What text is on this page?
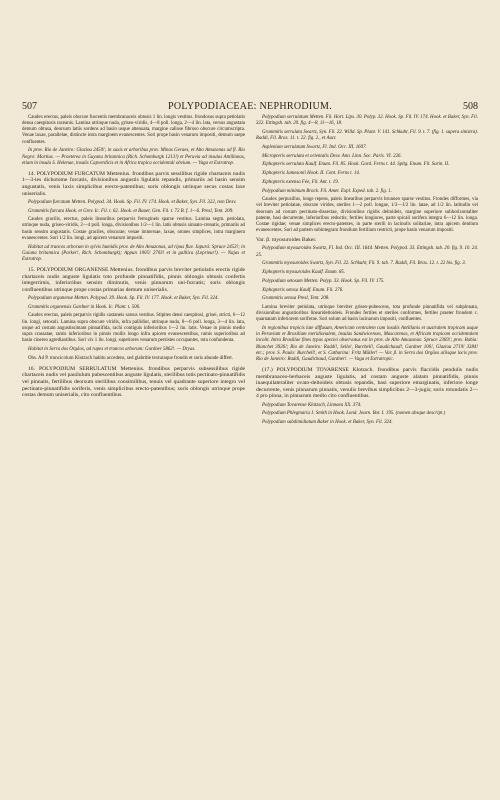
507	POLYPODIACEAE: NEPHRODIUM.	508

Caudex erectus, paleis obscure fuscentis membranaceis obtusis 1 lin. longis vestitus. frondosus supra petiolatis densa caespitosis raceanis. Lamina utrinque nuda, griseo-viridis, 4—8 poll. longa, 2—4 lin. lata, versus angustata demum obtusa, deorsum latiis sordens ad basin usque attenuata, margine callose fibroso obscure circumscripta. Venae laxae, parallelae, distincte intra marginem evanescentes. Sori prope basin venarum impositi, demum saepe confluentes.

In prov. Rio de Janeiro: Glaziou 2450!; in saxis et arboribus prov. Minas Geraes, et Alto Amazonas ad fl. Rio Negro: Martius. — Praeterea in Guyana britannica (Rich. Schomburgk 1213!) et Peruvia ad insulas Antillanas, etiam in insula S. Helenae, insulis Capverdicis et in Africa tropica occidentali obvium. — Vaga et Extratrop.

14. POLYPODIUM FURCATUM Mettenius. frondibus parvis sessilibus rigide chartaceis nudis 1—3-ies dichotome furcatis, divisionibus angustis ligulatis repandis, primariis ad basin sensim angustatis, venis laxis simplicibus erecto-patentibus; soris oblongis utrinque secus costas laxe uniserialis.

Polypodium furcatum Metten. Polypod. 34. Hook. Sp. Fil. IV. 174. Hook. et Baker, Syn. Fil. 322, non Desv.

Grammitis furcata Hook. et Grev. Ic. Fil. t. 62. Hook. et Bauer, Gen. Fil. t. 72 B. f. 1—6. Presl, Tent. 209.

Caudex gracilis, erectus, paleis linearibus perparvis ferrugineis sparse vestitus. Lamina segm. petiolata, utrinque nuda, griseo-viridis, 2—4 poll. longa, divisionibus 1/2—1 lin. latis obtusis sinuato-crenatis, primariis ad basin sensim angustatis. Costae graciles, obscurae; venae immersae, laxae, omnes simplices, intra marginem evanescentes. Sori 1/2 lin. longi, ad apicem venarum impositi.

Habitat ad truncos arborum in sylvis humidis prov. de Alto Amazonas, ad ripas fluv. Japurá: Spruce 2453!; in Guiana britannica (Parker!, Rich. Schomburgk); Appun 1005! 2703! et in galliica (Leprieur!). — Najas et Extratrop.

15. POLYPODIUM ORGANENSE Mettenius. frondibus parvis breviter petiolatis erectis rigide chartaceis nudis anguste ligulatis toto profunde pinnatifidis, pinnis oblongis obtusis confertis integerrimis, inferioribus sensim diminutis, venis pinnarum uni-furcatis; soris oblongis confluentibus utrinque prope costas primarias demum uniserialis.

Polypodium organense Metten. Polypod. 39. Hook. Sp. Fil. IV. 177. Hook. et Baker, Syn. Fil. 324.

Grammitis organensis Gardner in Hook. Ic. Plant. t. 506.

Caudex erectus, paleis perparvis rigidis castaneis sarsus vestitus. Stipites densi caespitosi, grisei, stricti, 6—12 lin. longi, setosuli. Lamina supra obscure viridis, infra pallidior, utrinque nuda, 8—6 poll. longa, 3—4 lin. lata, usque ad costam angustissimam pinnatifida, rachi contiguis inferioribus 1—2 lin. latis. Venae in pinnis medio supra crassatae, ramis inferioribus in pinnis mollis longo infra apicem evanescentibus, ramis superioribus ad basin cinereo agrediantibus. Sori vix 1 lin. longi, superiores venarum persistes occupantes, tota confundenta.

Habitat in Serra dos Orgãos, ad rupes et truncos arborum: Gardner 5862!. — Dryas.

Obs. Ad P. truncicolum Klotzsch habitu accedens, sed glabritie texturaque frondis et soris abunde differt.

16. POLYPODIUM SERRULATUM Mettenius. frondibus perparvis subsessilibus rigide chartaceis nudis vel pauilulum pubescentibus anguste ligulatis, sterilibus totis pectinato-pinnatifidis vel pinnatis, fertilibus deorsum sterilibus consimilibus, tenuis vel quadrante superiore integro vel pectinato-pinnatifidis soriferis, venis simplicibus erecto-patentibus; soris oblongis utrinque prope costas demum uniserialis, cito confluentibus.

Polypodium serrulatum Metten. Fil. Hort. Lips. 30. Polyp. 32. Hook. Sp. Fil. IV. 174. Hook. et Baker, Syn. Fil. 322. Ettingsh. tab. 20. fig. 4—8, 11—16, 18.

Grammitis serrulata Swartz, Syn. Fil. 22. Willd. Sp. Plant. V. 141. Schkuhr, Fil. 9. t. 7. (fig. 1. supera sinistra). Raddi, Fil. Bras. 11. t. 22. fig. 2., et Auct.

Asplenium serrulatum Swartz, Fl. Ind. Occ. III. 1607.

Micropteris serrulata et orientalis Desv. Ann. Linn. Soc. Paris. VI. 226.

Xiphopteris serrulata Kaulf. Enum. Fil. 85. Hook. Gard. Ferns t. 44. Spltg. Enum. Fil. Surin. II.

Xiphopteris Jamesonii Hook. II. Cent. Ferns t. 14.

Xiphopteris extensa Fée, Fil. Ant. t. 19.

Polypodium minimum Brack. Fil. Amer. Expl. Exped. tab. 2. fig. 1.

Caudex perpusillus, longe repens, paleis linearibus perparvis brunneo sparse vestitus. Frondes difformes, via vel breviter petiolatae, obscure virides, steriles 1—2 poll. longae, 1/3—1/2 lin. latae, ad 1/2 lin. latitudin vel deorsum ad costam pectinato-dissectae, divisionibus rigidis deltoideis, margine superiore subhorizontaliter patente, basi decurrente, inferioribus reductis; fertiles longiores, parte spicali sorifera integra 6—12 lin. longa. Costae rigidae; venae simplices erecto-patentes, in parte sterili in lacinulis solitariae, intra apicem dentium evanescentes. Sori ad partem subintegram frondium fertilium restricti, prope basin venarum impositi.

Var. β. myosuroides Baker.

Polypodium myosuroides Swartz, Fl. Ind. Occ. III. 1644. Metten. Polypod. 33. Ettingsh. tab. 20. fig. 9. 10. 24. 25.

Grammitis myosuroides Swartz, Syn. Fil. 22. Schkuhr, Fil. 9. tab. 7. Raddi, Fil. Bras. 12. t. 22 bis. fig. 3.

Xiphopteris myosuroides Kaulf. Enum. 85.

Polypodium setosum Metten. Polyp. 33. Hook. Sp. Fil. IV. 175.

Xiphopteris setosa Kaulf. Enum. Fil. 276.

Grammitis setosa Presl, Tent. 208.

Lamina breviter petiolata, utrinque breviter griseo-pubescens, tota profunde pinnatifida vel subpinnata, divisionibus angustioribus linearideltoideis. Frondes fertiles et steriles conformes, fertiles praeter frondem c. quarnatam inferiorem soriferae. Sori solum ad basin lacinarum impositi, confluentes.

In regionibus tropicis late diffusum, Americam centralem cum insulis Antillanis et australem tropicam usque in Peruviam et Brasiliam meridionalem, insulas Sandwicenses, Mascarenas, et Africam tropicam occidentalem incolit. Intra Brasiliae fines typus speciei observatus est in prov. de Alto Amazonas: Spruce 2383!; prov. Bahia: Blanchet 3926!; Rio de Janeiro: Raddi!, Sello!, Burchell!, Gaudichaud!, Gardner 106!, Glaziou 2719! 3384! etc.; prov. S. Paulo: Burchell!, et S. Catharina: Fritz Müller! — Var. β. in Serra dos Orgãos aliisque locis prov. Rio de Janeiro: Raddi, Gaudichaud, Gardner!. — Vaga et Extratropic.

(17.) POLYPODIUM TOVARENSE Klotzsch. frondibus parvis flaccidis pendulis nudis membranaceo-herbaceis anguste ligulatis, ad costam anguste alatam pinnatifidis, pinnis inaequilateraliter ovato-deltoideis obtusis repandis, basi superiore emarginatis, inferiore longe decurrente, venis pinnarum pinnatis, venulis brevibus simplicibus 2—3-jugis; soris rotundatis 2—4 pro pinna, in pinnarum medio cito confluentibus.

Polypodium Tovarense Klotzsch, Linnaea XX. 374.

Polypodium Phlegmaria J. Smith in Hook. Lond. Journ. Bot. I. 195. (nomen absque descript.)

Polypodium subdimidiatum Baker in Hook. et Baker, Syn. Fil. 324.
